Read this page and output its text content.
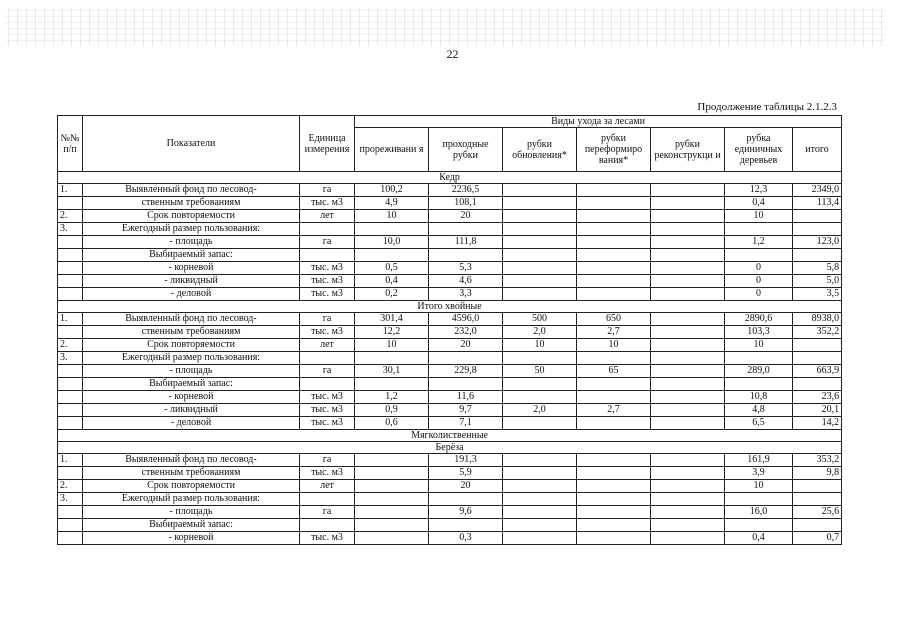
22
Продолжение таблицы 2.1.2.3
№№ п/п	Показатели	Единица измерения	Виды ухода за лесами						
			прореживани я	проходные рубки	рубки обновления*	рубки переформиро вания*	рубки реконструкци и	рубка единичных деревьев	итого
Кедр									
1.	Выявленный фонд по лесовод-	га	100,2	2236,5				12,3	2349,0
	ственным требованиям	тыс. м3	4,9	108,1				0,4	113,4
2.	Срок повторяемости	лет	10	20				10	
3.	Ежегодный размер пользования:								
	- площадь	га	10,0	111,8				1,2	123,0
	Выбираемый запас:								
	- корневой	тыс. м3	0,5	5,3				0	5,8
	- ликвидный	тыс. м3	0,4	4,6				0	5,0
	- деловой	тыс. м3	0,2	3,3				0	3,5
Итого хвойные									
1.	Выявленный фонд по лесовод-	га	301,4	4596,0	500	650		2890,6	8938,0
	ственным требованиям	тыс. м3	12,2	232,0	2,0	2,7		103,3	352,2
2.	Срок повторяемости	лет	10	20	10	10		10	
3.	Ежегодный размер пользования:								
	- площадь	га	30,1	229,8	50	65		289,0	663,9
	Выбираемый запас:								
	- корневой	тыс. м3	1,2	11,6				10,8	23,6
	- ликвидный	тыс. м3	0,9	9,7	2,0	2,7		4,8	20,1
	- деловой	тыс. м3	0,6	7,1				6,5	14,2
Мягколиственные									
Берёза									
1.	Выявленный фонд по лесовод-	га		191,3				161,9	353,2
	ственным требованиям	тыс. м3		5,9				3,9	9,8
2.	Срок повторяемости	лет		20				10	
3.	Ежегодный размер пользования:								
	- площадь	га		9,6				16,0	25,6
	Выбираемый запас:								
	- корневой	тыс. м3		0,3				0,4	0,7
